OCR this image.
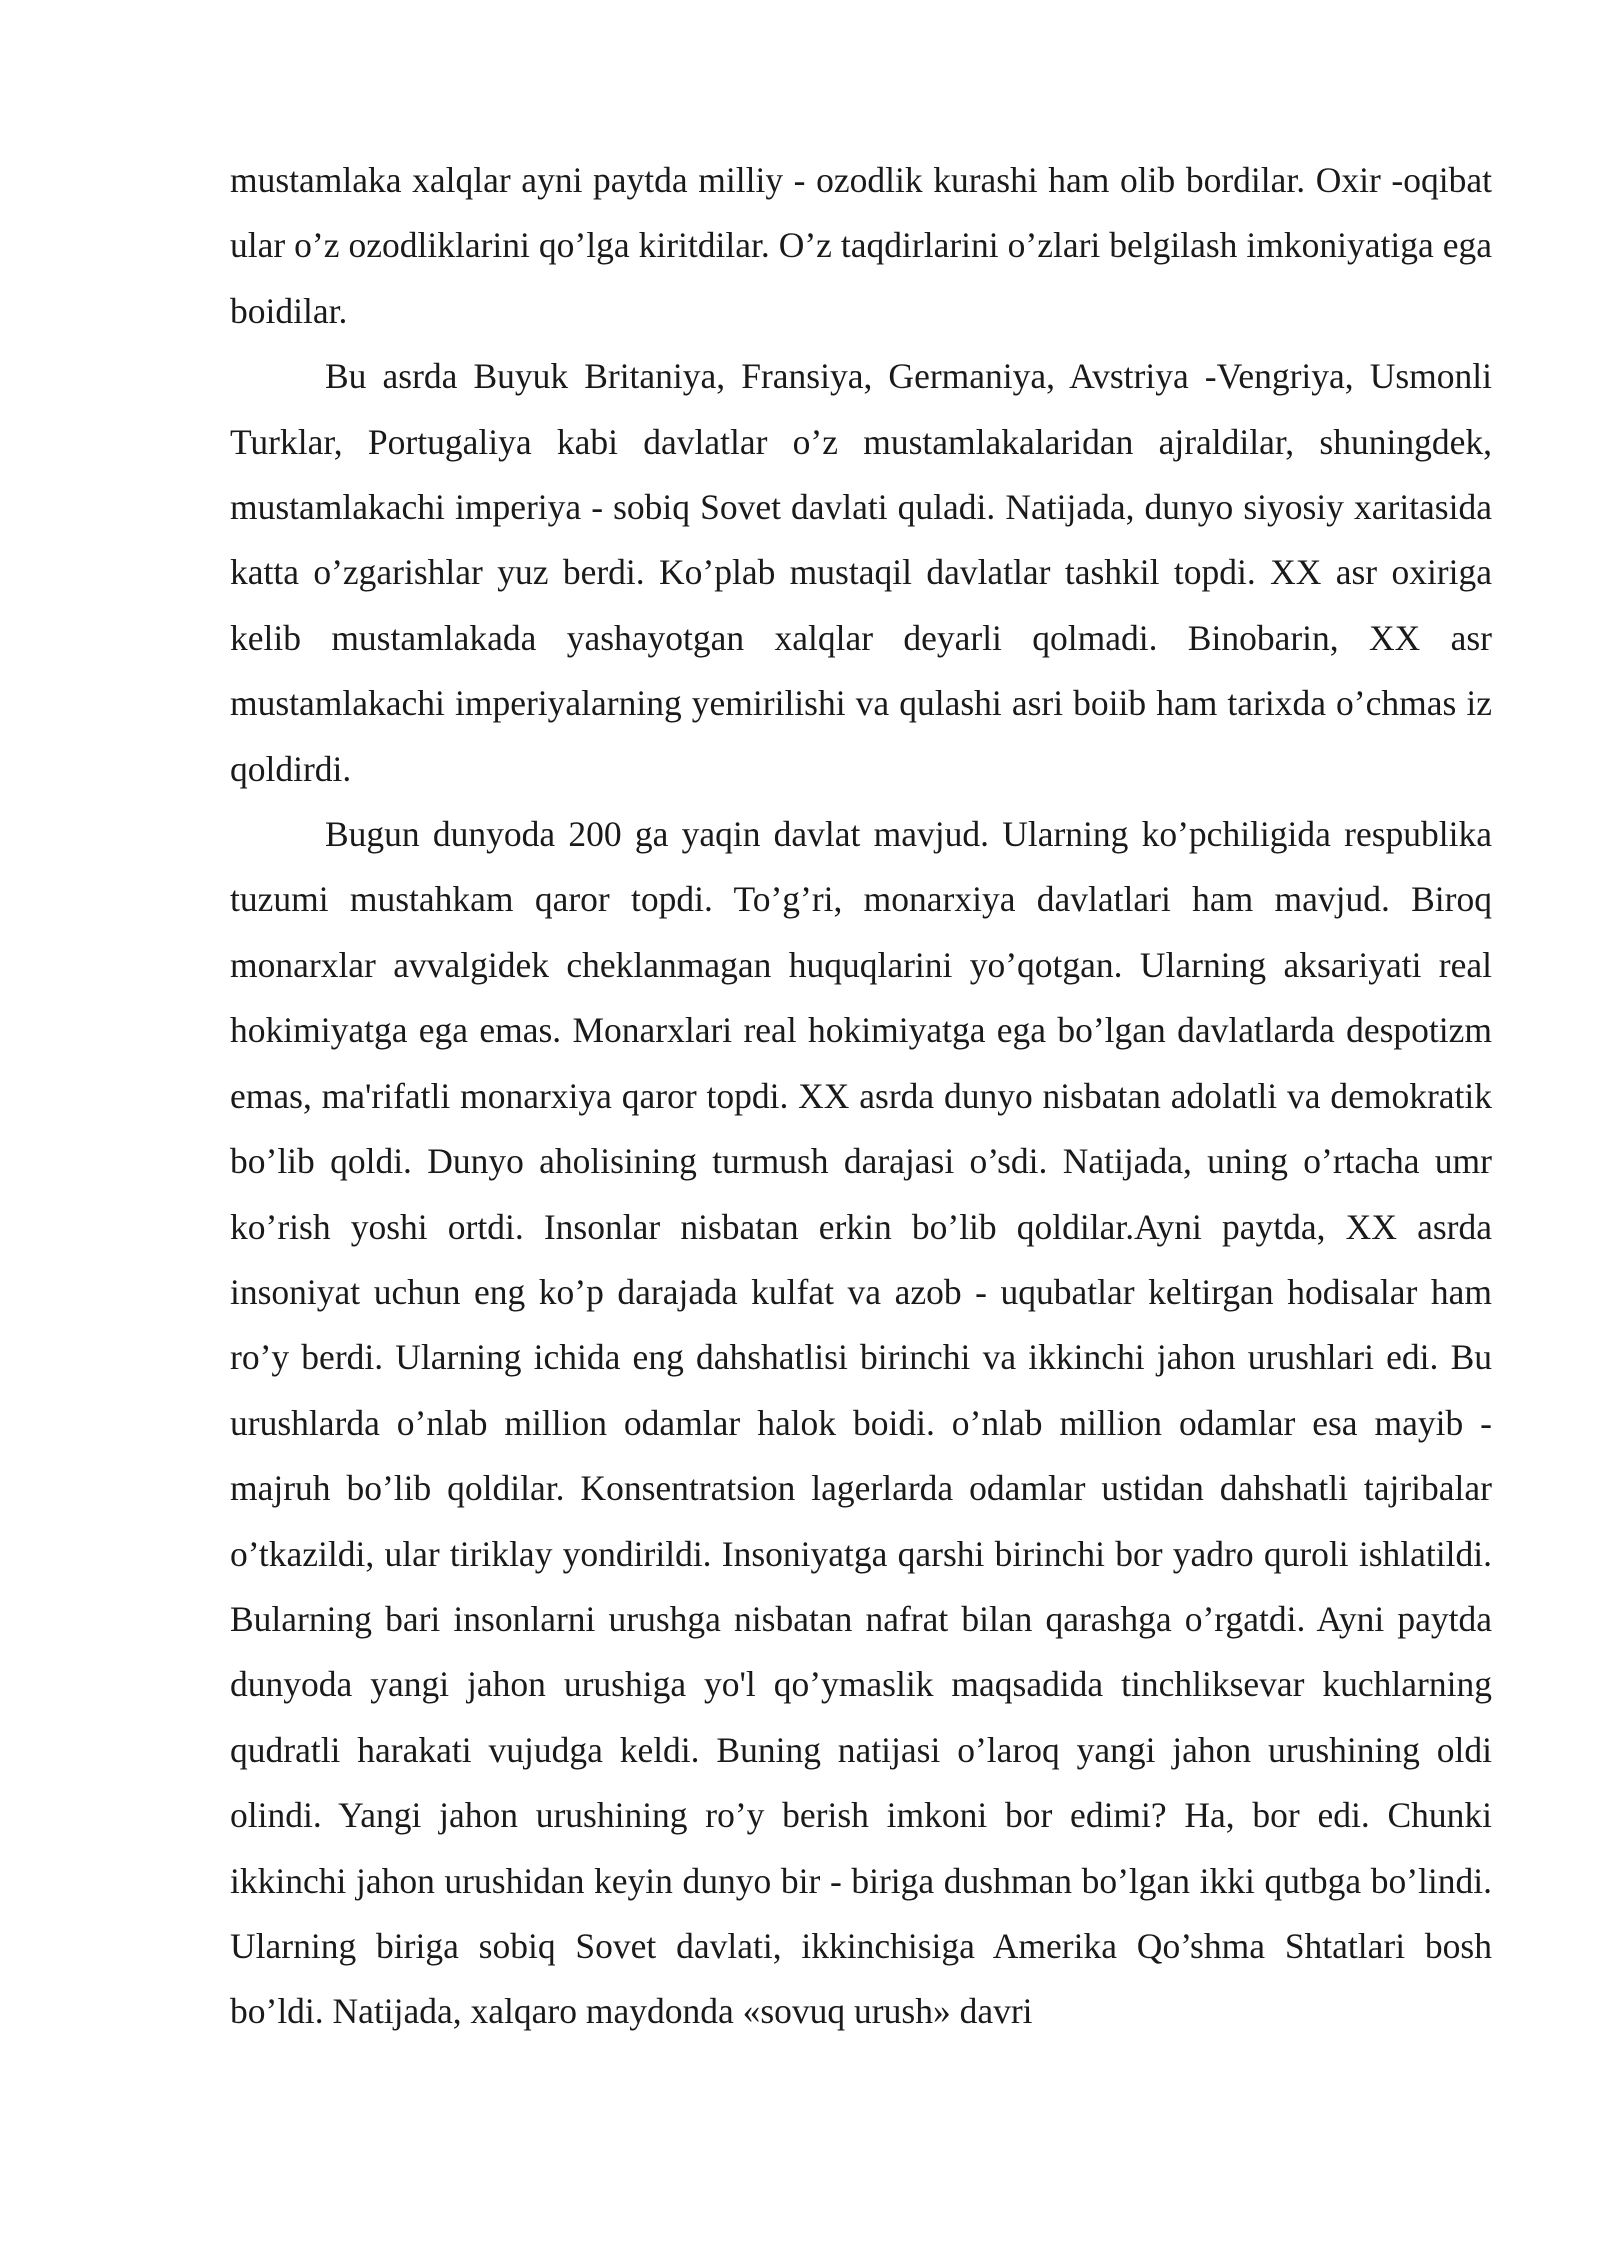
mustamlaka xalqlar ayni paytda milliy - ozodlik kurashi ham olib bordilar. Oxir -oqibat ular o’z ozodliklarini qo’lga kiritdilar. O’z taqdirlarini o’zlari belgilash imkoniyatiga ega boidilar.

Bu asrda Buyuk Britaniya, Fransiya, Germaniya, Avstriya -Vengriya, Usmonli Turklar, Portugaliya kabi davlatlar o’z mustamlakalaridan ajraldilar, shuningdek, mustamlakachi imperiya - sobiq Sovet davlati quladi. Natijada, dunyo siyosiy xaritasida katta o’zgarishlar yuz berdi. Ko’plab mustaqil davlatlar tashkil topdi. XX asr oxiriga kelib mustamlakada yashayotgan xalqlar deyarli qolmadi. Binobarin, XX asr mustamlakachi imperiyalarning yemirilishi va qulashi asri boiib ham tarixda o’chmas iz qoldirdi.

Bugun dunyoda 200 ga yaqin davlat mavjud. Ularning ko’pchiligida respublika tuzumi mustahkam qaror topdi. To’g’ri, monarxiya davlatlari ham mavjud. Biroq monarxlar avvalgidek cheklanmagan huquqlarini yo’qotgan. Ularning aksariyati real hokimiyatga ega emas. Monarxlari real hokimiyatga ega bo’lgan davlatlarda despotizm emas, ma'rifatli monarxiya qaror topdi. XX asrda dunyo nisbatan adolatli va demokratik bo’lib qoldi. Dunyo aholisining turmush darajasi o’sdi. Natijada, uning o’rtacha umr ko’rish yoshi ortdi. Insonlar nisbatan erkin bo’lib qoldilar.Ayni paytda, XX asrda insoniyat uchun eng ko’p darajada kulfat va azob - uqubatlar keltirgan hodisalar ham ro’y berdi. Ularning ichida eng dahshatlisi birinchi va ikkinchi jahon urushlari edi. Bu urushlarda o’nlab million odamlar halok boidi. o’nlab million odamlar esa mayib - majruh bo’lib qoldilar. Konsentratsion lagerlarda odamlar ustidan dahshatli tajribalar o’tkazildi, ular tiriklay yondirildi. Insoniyatga qarshi birinchi bor yadro quroli ishlatildi. Bularning bari insonlarni urushga nisbatan nafrat bilan qarashga o’rgatdi. Ayni paytda dunyoda yangi jahon urushiga yo'l qo’ymaslik maqsadida tinchliksevar kuchlarning qudratli harakati vujudga keldi. Buning natijasi o’laroq yangi jahon urushining oldi olindi. Yangi jahon urushining ro’y berish imkoni bor edimi? Ha, bor edi. Chunki ikkinchi jahon urushidan keyin dunyo bir - biriga dushman bo’lgan ikki qutbga bo’lindi. Ularning biriga sobiq Sovet davlati, ikkinchisiga Amerika Qo’shma Shtatlari bosh bo’ldi. Natijada, xalqaro maydonda «sovuq urush» davri
